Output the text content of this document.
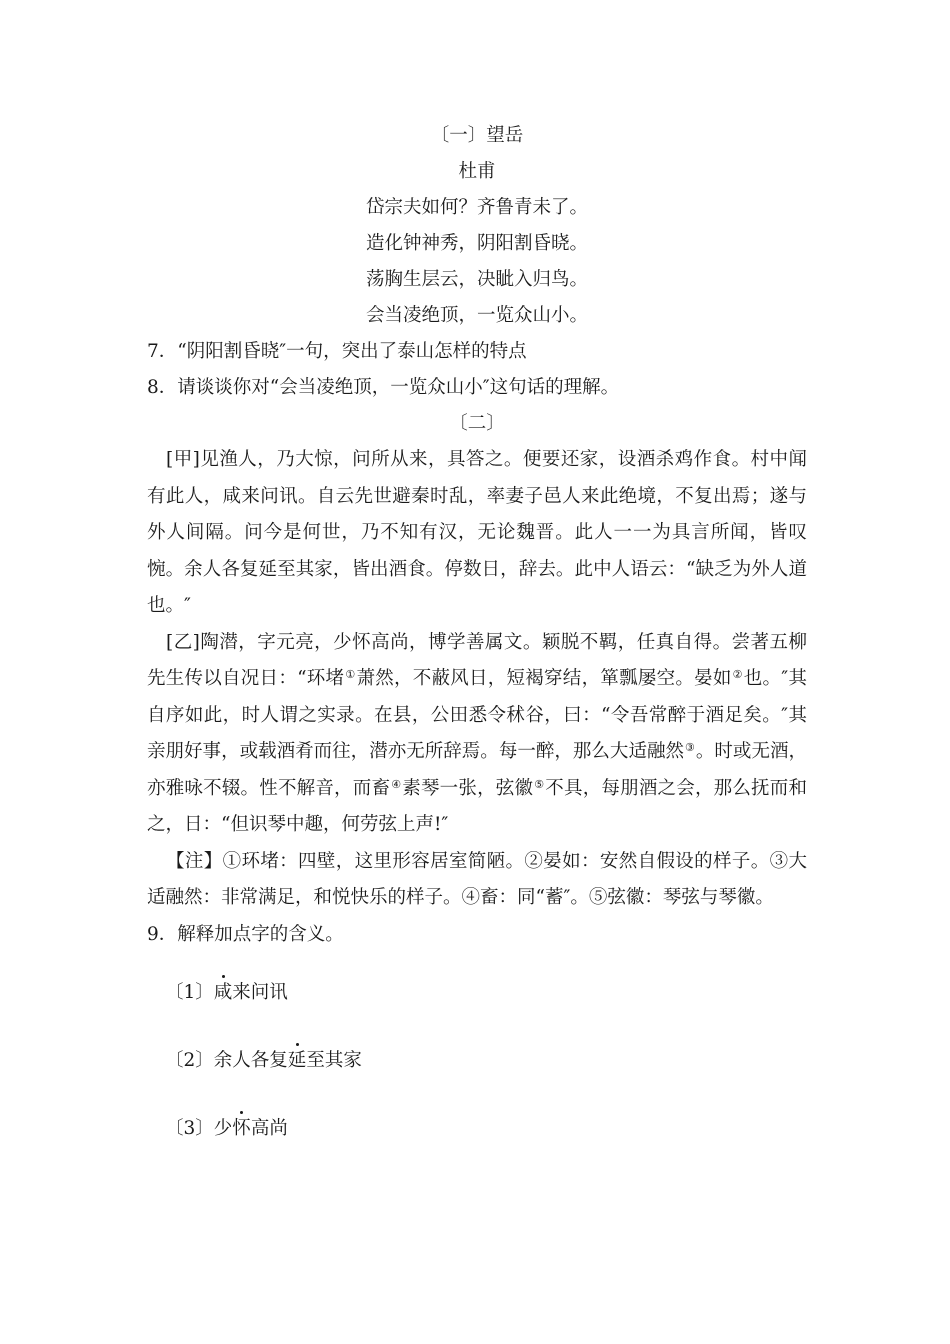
〔一〕望岳

杜甫

岱宗夫如何？齐鲁青未了。

造化钟神秀，阴阳割昏晓。

荡胸生层云，决眦入归鸟。

会当凌绝顶，一览众山小。

7．“阴阳割昏晓″一句，突出了泰山怎样的特点

8．请谈谈你对“会当凌绝顶，一览众山小″这句话的理解。

〔二〕

[甲]见渔人，乃大惊，问所从来，具答之。便要还家，设酒杀鸡作食。村中闻有此人，咸来问讯。自云先世避秦时乱，率妻子邑人来此绝境，不复出焉；遂与外人间隔。问今是何世，乃不知有汉，无论魏晋。此人一一为具言所闻，皆叹惋。余人各复延至其家，皆出酒食。停数日，辞去。此中人语云：“缺乏为外人道也。″

[乙]陶潜，字元亮，少怀高尚，博学善属文。颖脱不羁，任真自得。尝著五柳先生传以自况日：“环堵①萧然，不蔽风日，短褐穿结，箪瓢屡空。晏如②也。″其自序如此，时人谓之实录。在县，公田悉令秫谷，曰：“令吾常醉于酒足矣。″其亲朋好事，或载酒肴而往，潜亦无所辞焉。每一醉，那么大适融然③。时或无酒，亦雅咏不辍。性不解音，而畜④素琴一张，弦徽⑤不具，每朋酒之会，那么抚而和之，日：“但识琴中趣，何劳弦上声!″

【注】①环堵：四壁，这里形容居室简陋。②晏如：安然自假设的样子。③大适融然：非常满足，和悦快乐的样子。④畜：同“蓄″。⑤弦徽：琴弦与琴徽。

9．解释加点字的含义。

〔1〕咸来问讯

〔2〕余人各复延至其家

〔3〕少怀高尚
